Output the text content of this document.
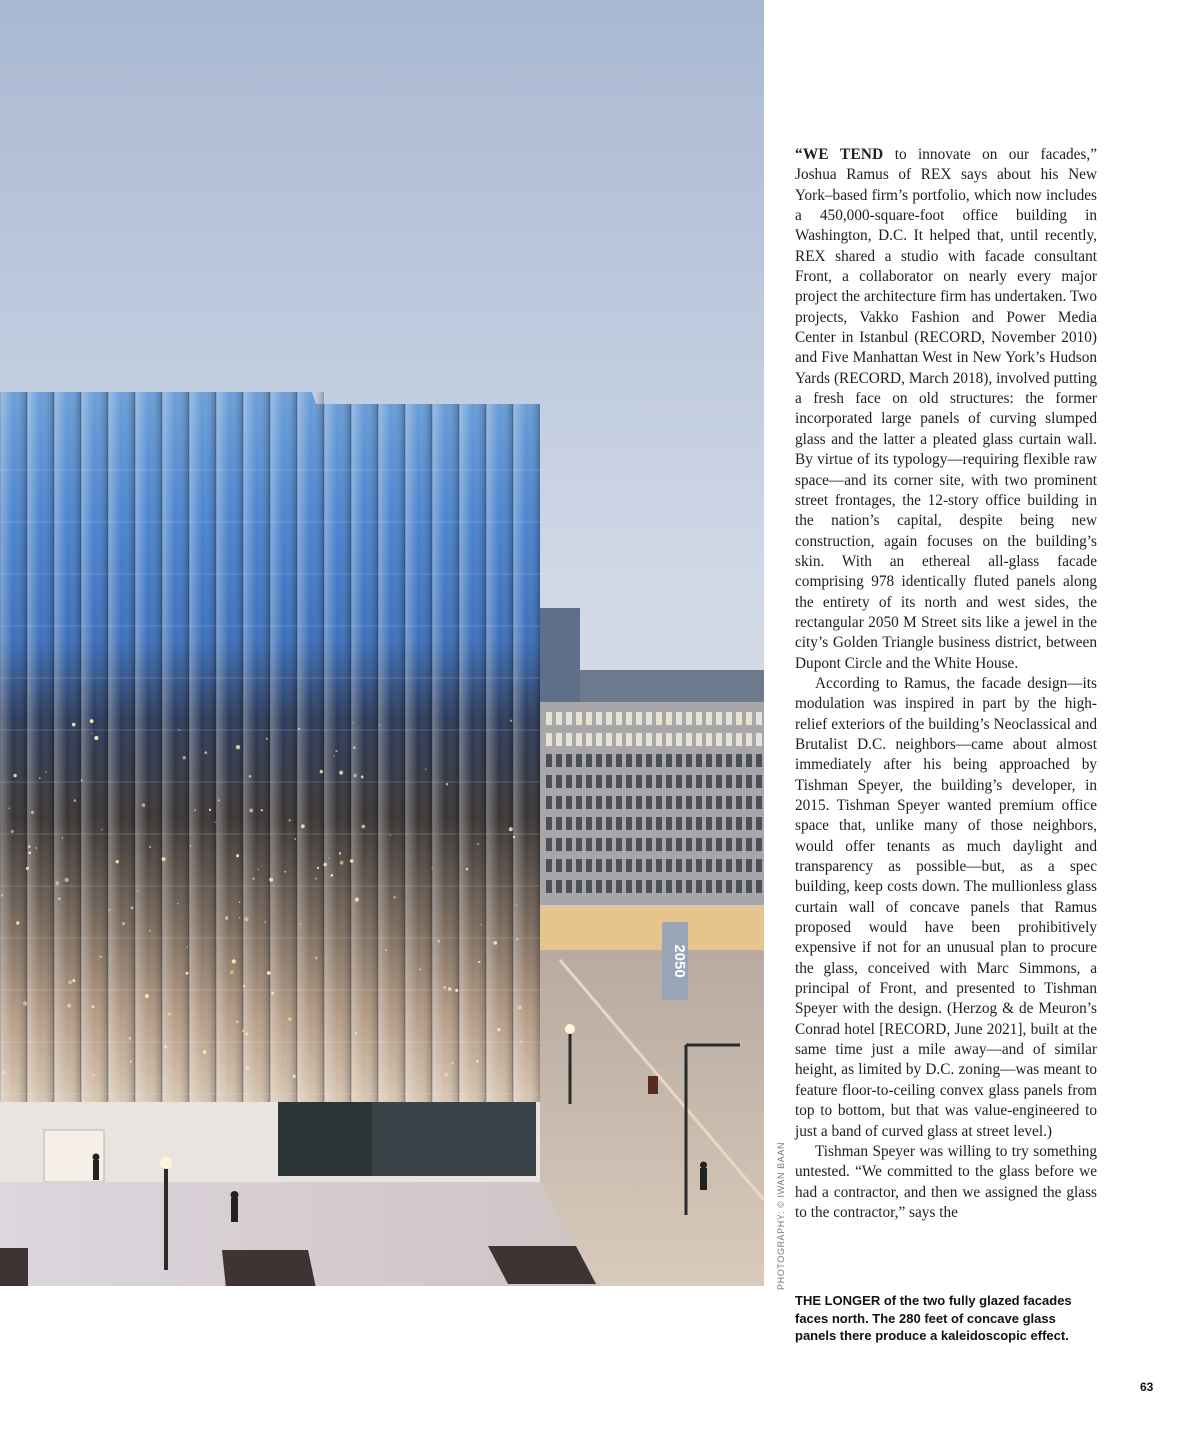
2050
PHOTOGRAPHY: © IWAN BAAN

“WE TEND to innovate on our facades,” Joshua Ramus of REX says about his New York–based firm’s portfolio, which now includes a 450,000-square-foot office building in Washington, D.C. It helped that, until recently, REX shared a studio with facade consultant Front, a collaborator on nearly every major project the architecture firm has undertaken. Two projects, Vakko Fashion and Power Media Center in Istanbul (RECORD, November 2010) and Five Manhattan West in New York’s Hudson Yards (RECORD, March 2018), involved putting a fresh face on old structures: the former incorporated large panels of curving slumped glass and the latter a pleated glass curtain wall. By virtue of its typology—requiring flexible raw space—and its corner site, with two prominent street frontages, the 12-story office building in the nation’s capital, despite being new construction, again focuses on the building’s skin. With an ethereal all-glass facade comprising 978 identically fluted panels along the entirety of its north and west sides, the rectangular 2050 M Street sits like a jewel in the city’s Golden Triangle business district, between Dupont Circle and the White House.

According to Ramus, the facade design—its modulation was inspired in part by the high-relief exteriors of the building’s Neoclassical and Brutalist D.C. neighbors—came about almost immediately after his being approached by Tishman Speyer, the building’s developer, in 2015. Tishman Speyer wanted premium office space that, unlike many of those neighbors, would offer tenants as much daylight and transparency as possible—but, as a spec building, keep costs down. The mullionless glass curtain wall of concave panels that Ramus proposed would have been prohibitively expensive if not for an unusual plan to procure the glass, conceived with Marc Simmons, a principal of Front, and presented to Tishman Speyer with the design. (Herzog & de Meuron’s Conrad hotel [RECORD, June 2021], built at the same time just a mile away—and of similar height, as limited by D.C. zoning—was meant to feature floor-to-ceiling convex glass panels from top to bottom, but that was value-engineered to just a band of curved glass at street level.)

Tishman Speyer was willing to try something untested. “We committed to the glass before we had a contractor, and then we assigned the glass to the contractor,” says the

THE LONGER of the two fully glazed facades faces north. The 280 feet of concave glass panels there produce a kaleidoscopic effect.
63
